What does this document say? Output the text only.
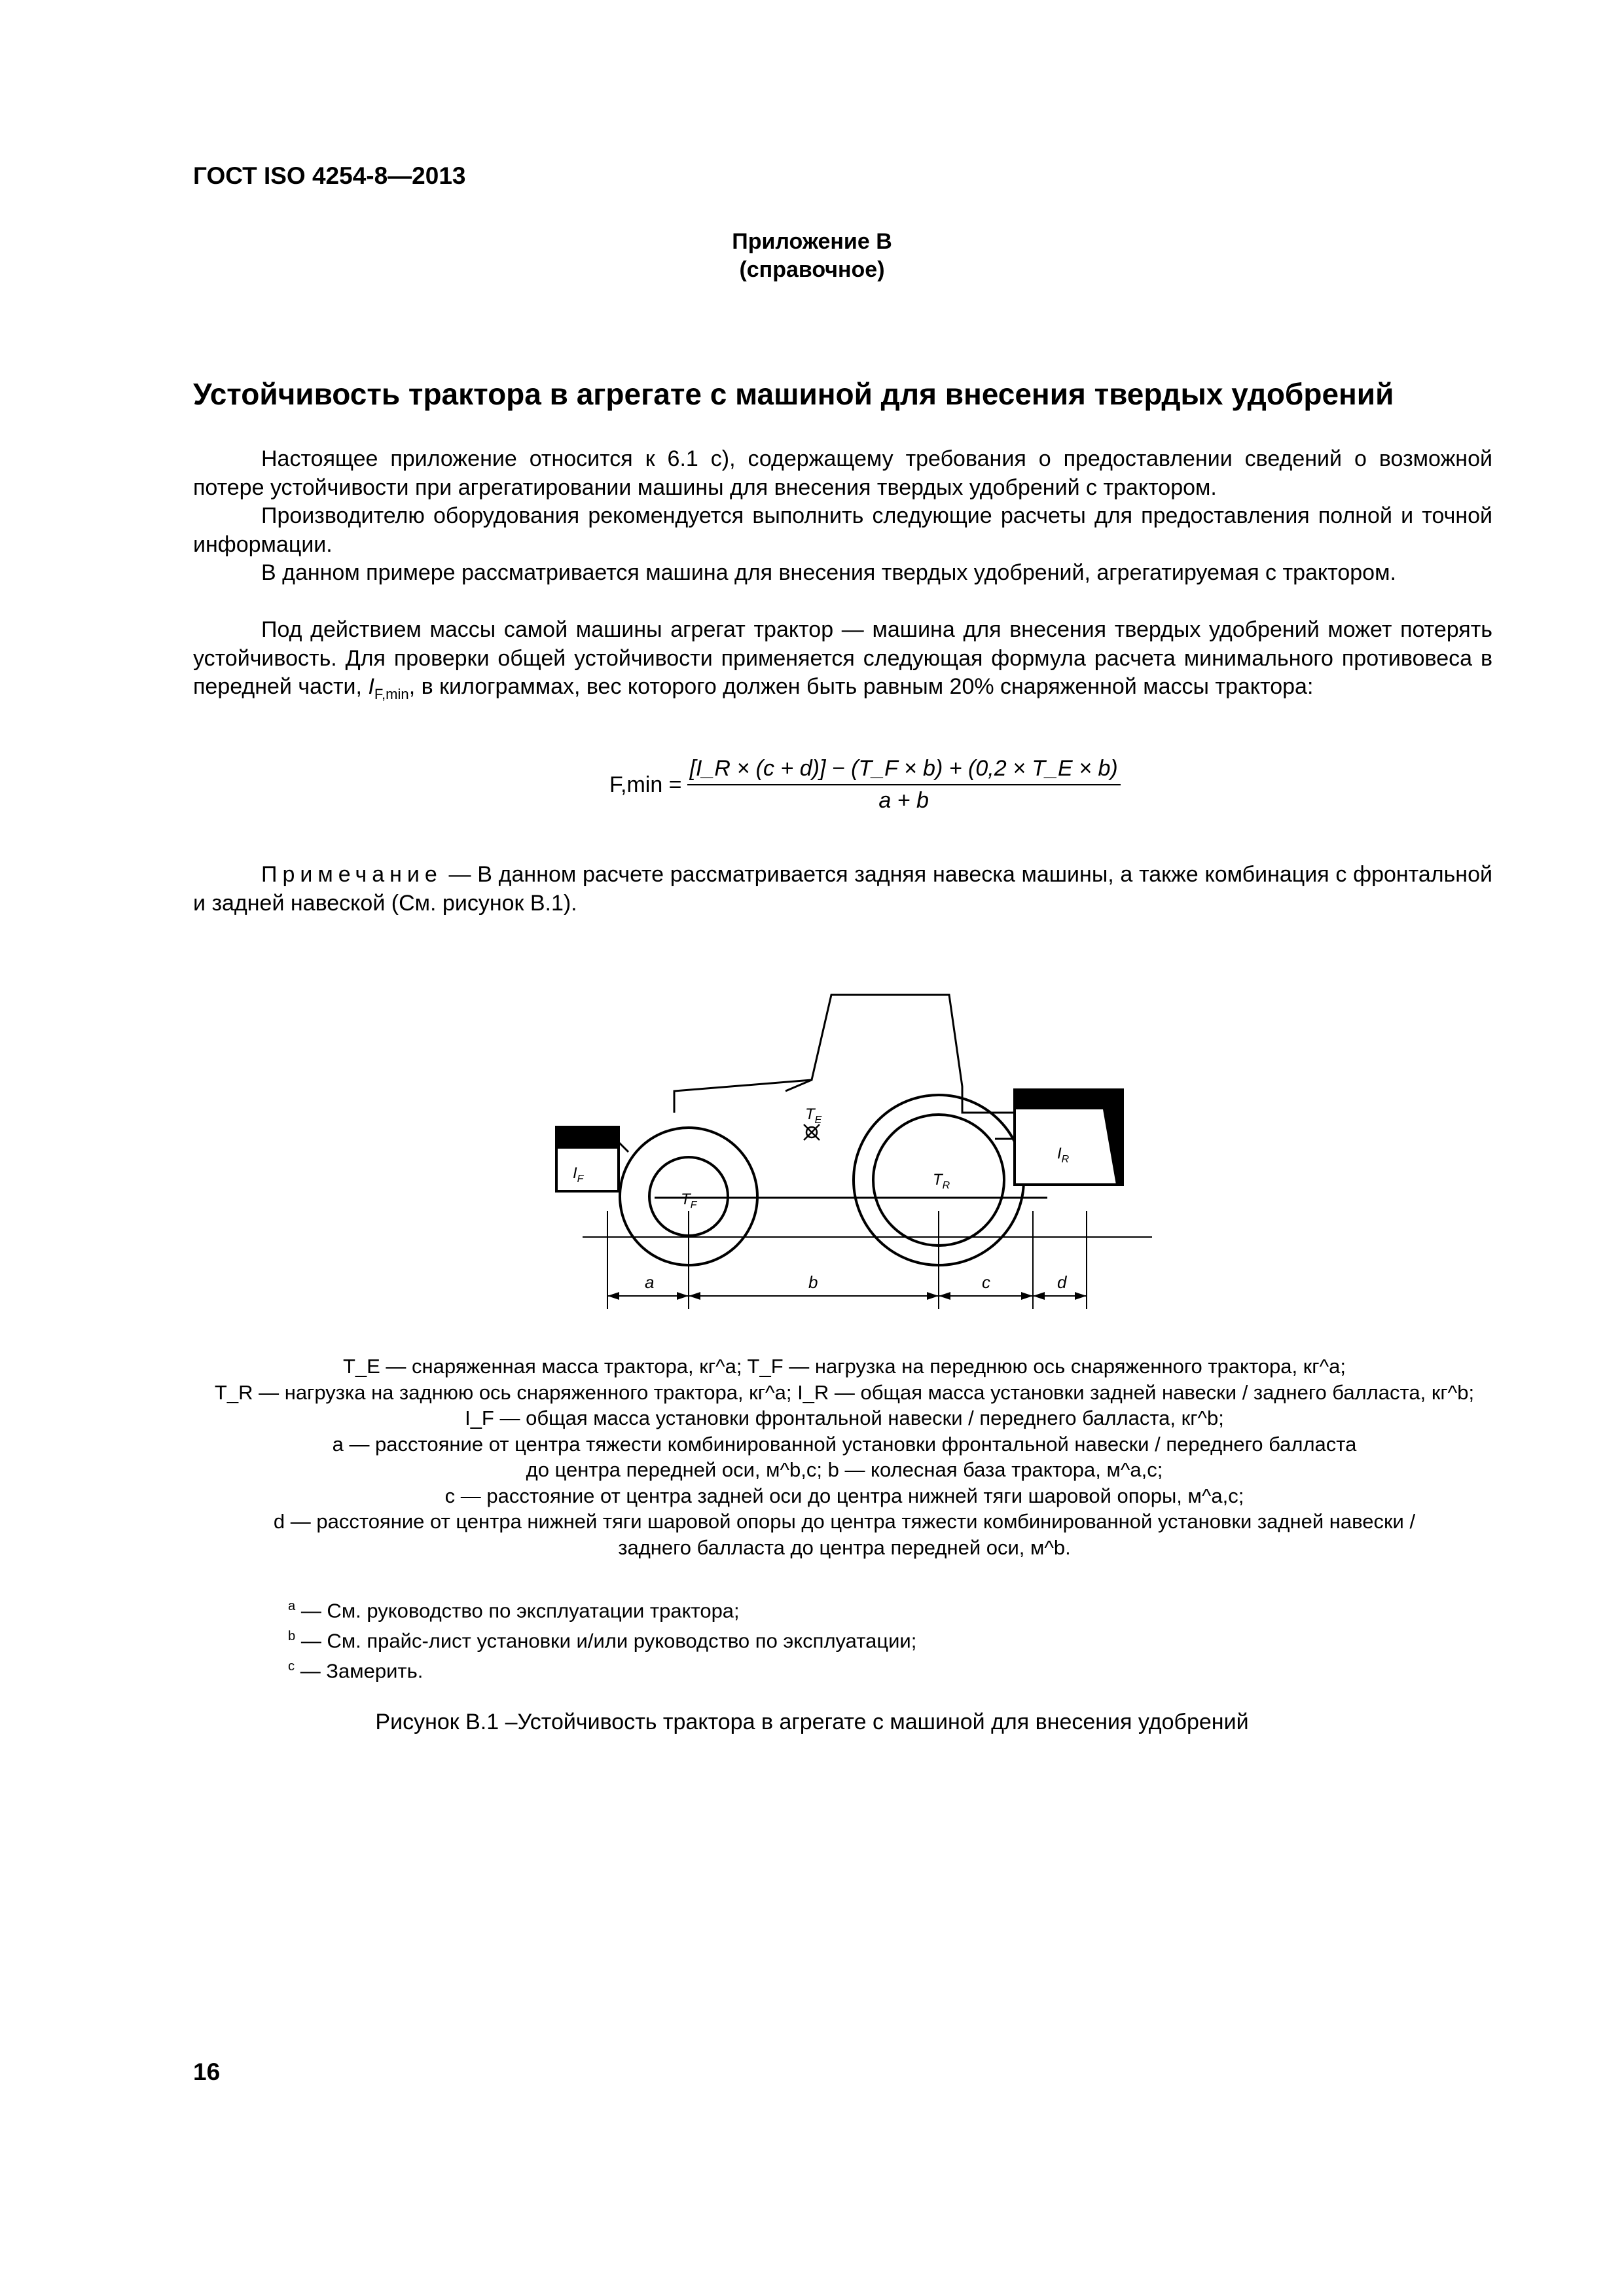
ГОСТ ISO 4254-8—2013
Приложение В
(справочное)
Устойчивость трактора в агрегате с машиной для внесения твердых удобрений

Настоящее приложение относится к 6.1 с), содержащему требования о предоставлении сведений о возможной потере устойчивости при агрегатировании машины для внесения твердых удобрений с трактором.

Производителю оборудования рекомендуется выполнить следующие расчеты для предоставления полной и точной информации.

В данном примере рассматривается машина для внесения твердых удобрений, агрегатируемая с трактором.

Под действием массы самой машины агрегат трактор — машина для внесения твердых удобрений может потерять устойчивость. Для проверки общей устойчивости применяется следующая формула расчета минимального противовеса в передней части, $I_{F,min}$, в килограммах, вес которого должен быть равным 20% снаряженной массы трактора:

F,min =	[I_R × (c + d)] − (T_F × b) + (0,2 × T_E × b)
a + b

Примечание — В данном расчете рассматривается задняя навеска машины, а также комбинация с фронтальной и задней навеской (См. рисунок В.1).

$T_E$
$T_F$
$T_R$
$I_F$
$I_R$
a	b	c	d
T_E — снаряженная масса трактора, кг^a; T_F — нагрузка на переднюю ось снаряженного трактора, кг^a;
T_R — нагрузка на заднюю ось снаряженного трактора, кг^a; I_R — общая масса установки задней навески / заднего балласта, кг^b;
I_F — общая масса установки фронтальной навески / переднего балласта, кг^b;
a — расстояние от центра тяжести комбинированной установки фронтальной навески / переднего балласта
до центра передней оси, м^b,c; b — колесная база трактора, м^a,c;
c — расстояние от центра задней оси до центра нижней тяги шаровой опоры, м^a,c;
d — расстояние от центра нижней тяги шаровой опоры до центра тяжести комбинированной установки задней навески /
заднего балласта до центра передней оси, м^b.
$^a$ — См. руководство по эксплуатации трактора;
$^b$ — См. прайс-лист установки и/или руководство по эксплуатации;
$^c$ — Замерить.
Рисунок В.1 –Устойчивость трактора в агрегате с машиной для внесения удобрений
16
